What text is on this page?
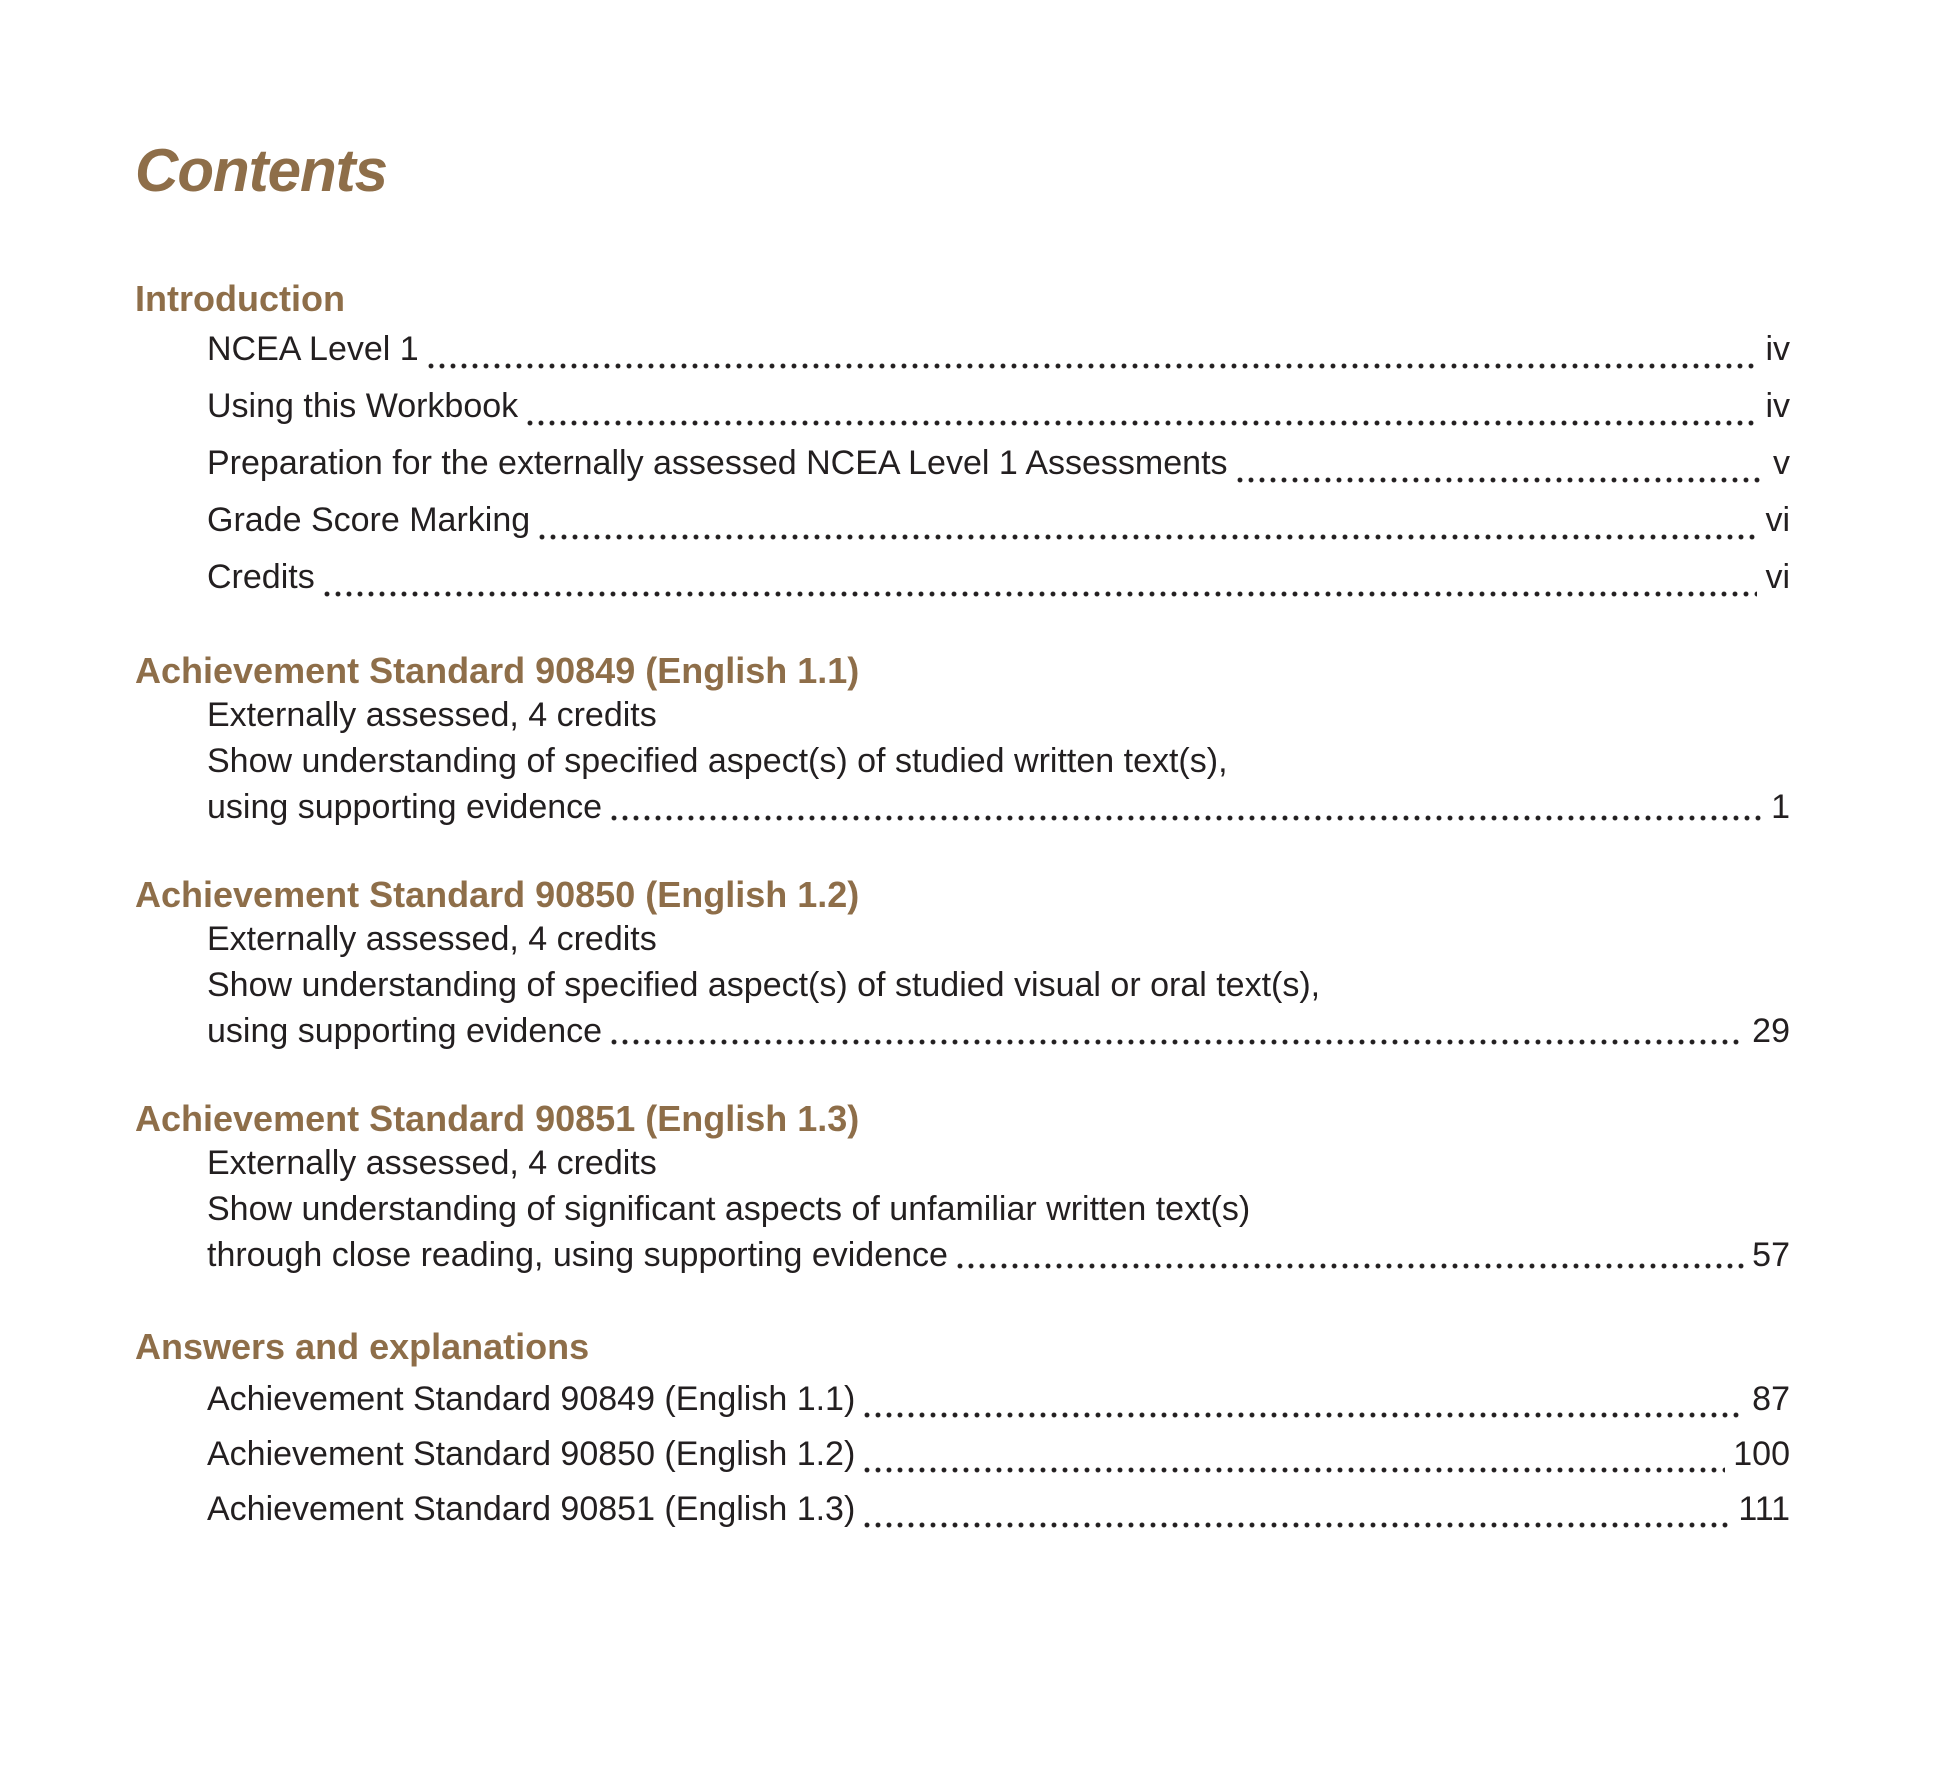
Contents
Introduction
NCEA Level 1	iv
Using this Workbook	iv
Preparation for the externally assessed NCEA Level 1 Assessments	v
Grade Score Marking	vi
Credits	vi
Achievement Standard 90849 (English 1.1)
Externally assessed, 4 credits
Show understanding of specified aspect(s) of studied written text(s),
using supporting evidence	1
Achievement Standard 90850 (English 1.2)
Externally assessed, 4 credits
Show understanding of specified aspect(s) of studied visual or oral text(s),
using supporting evidence	29
Achievement Standard 90851 (English 1.3)
Externally assessed, 4 credits
Show understanding of significant aspects of unfamiliar written text(s)
through close reading, using supporting evidence	57
Answers and explanations
Achievement Standard 90849 (English 1.1)	87
Achievement Standard 90850 (English 1.2)	100
Achievement Standard 90851 (English 1.3)	111
